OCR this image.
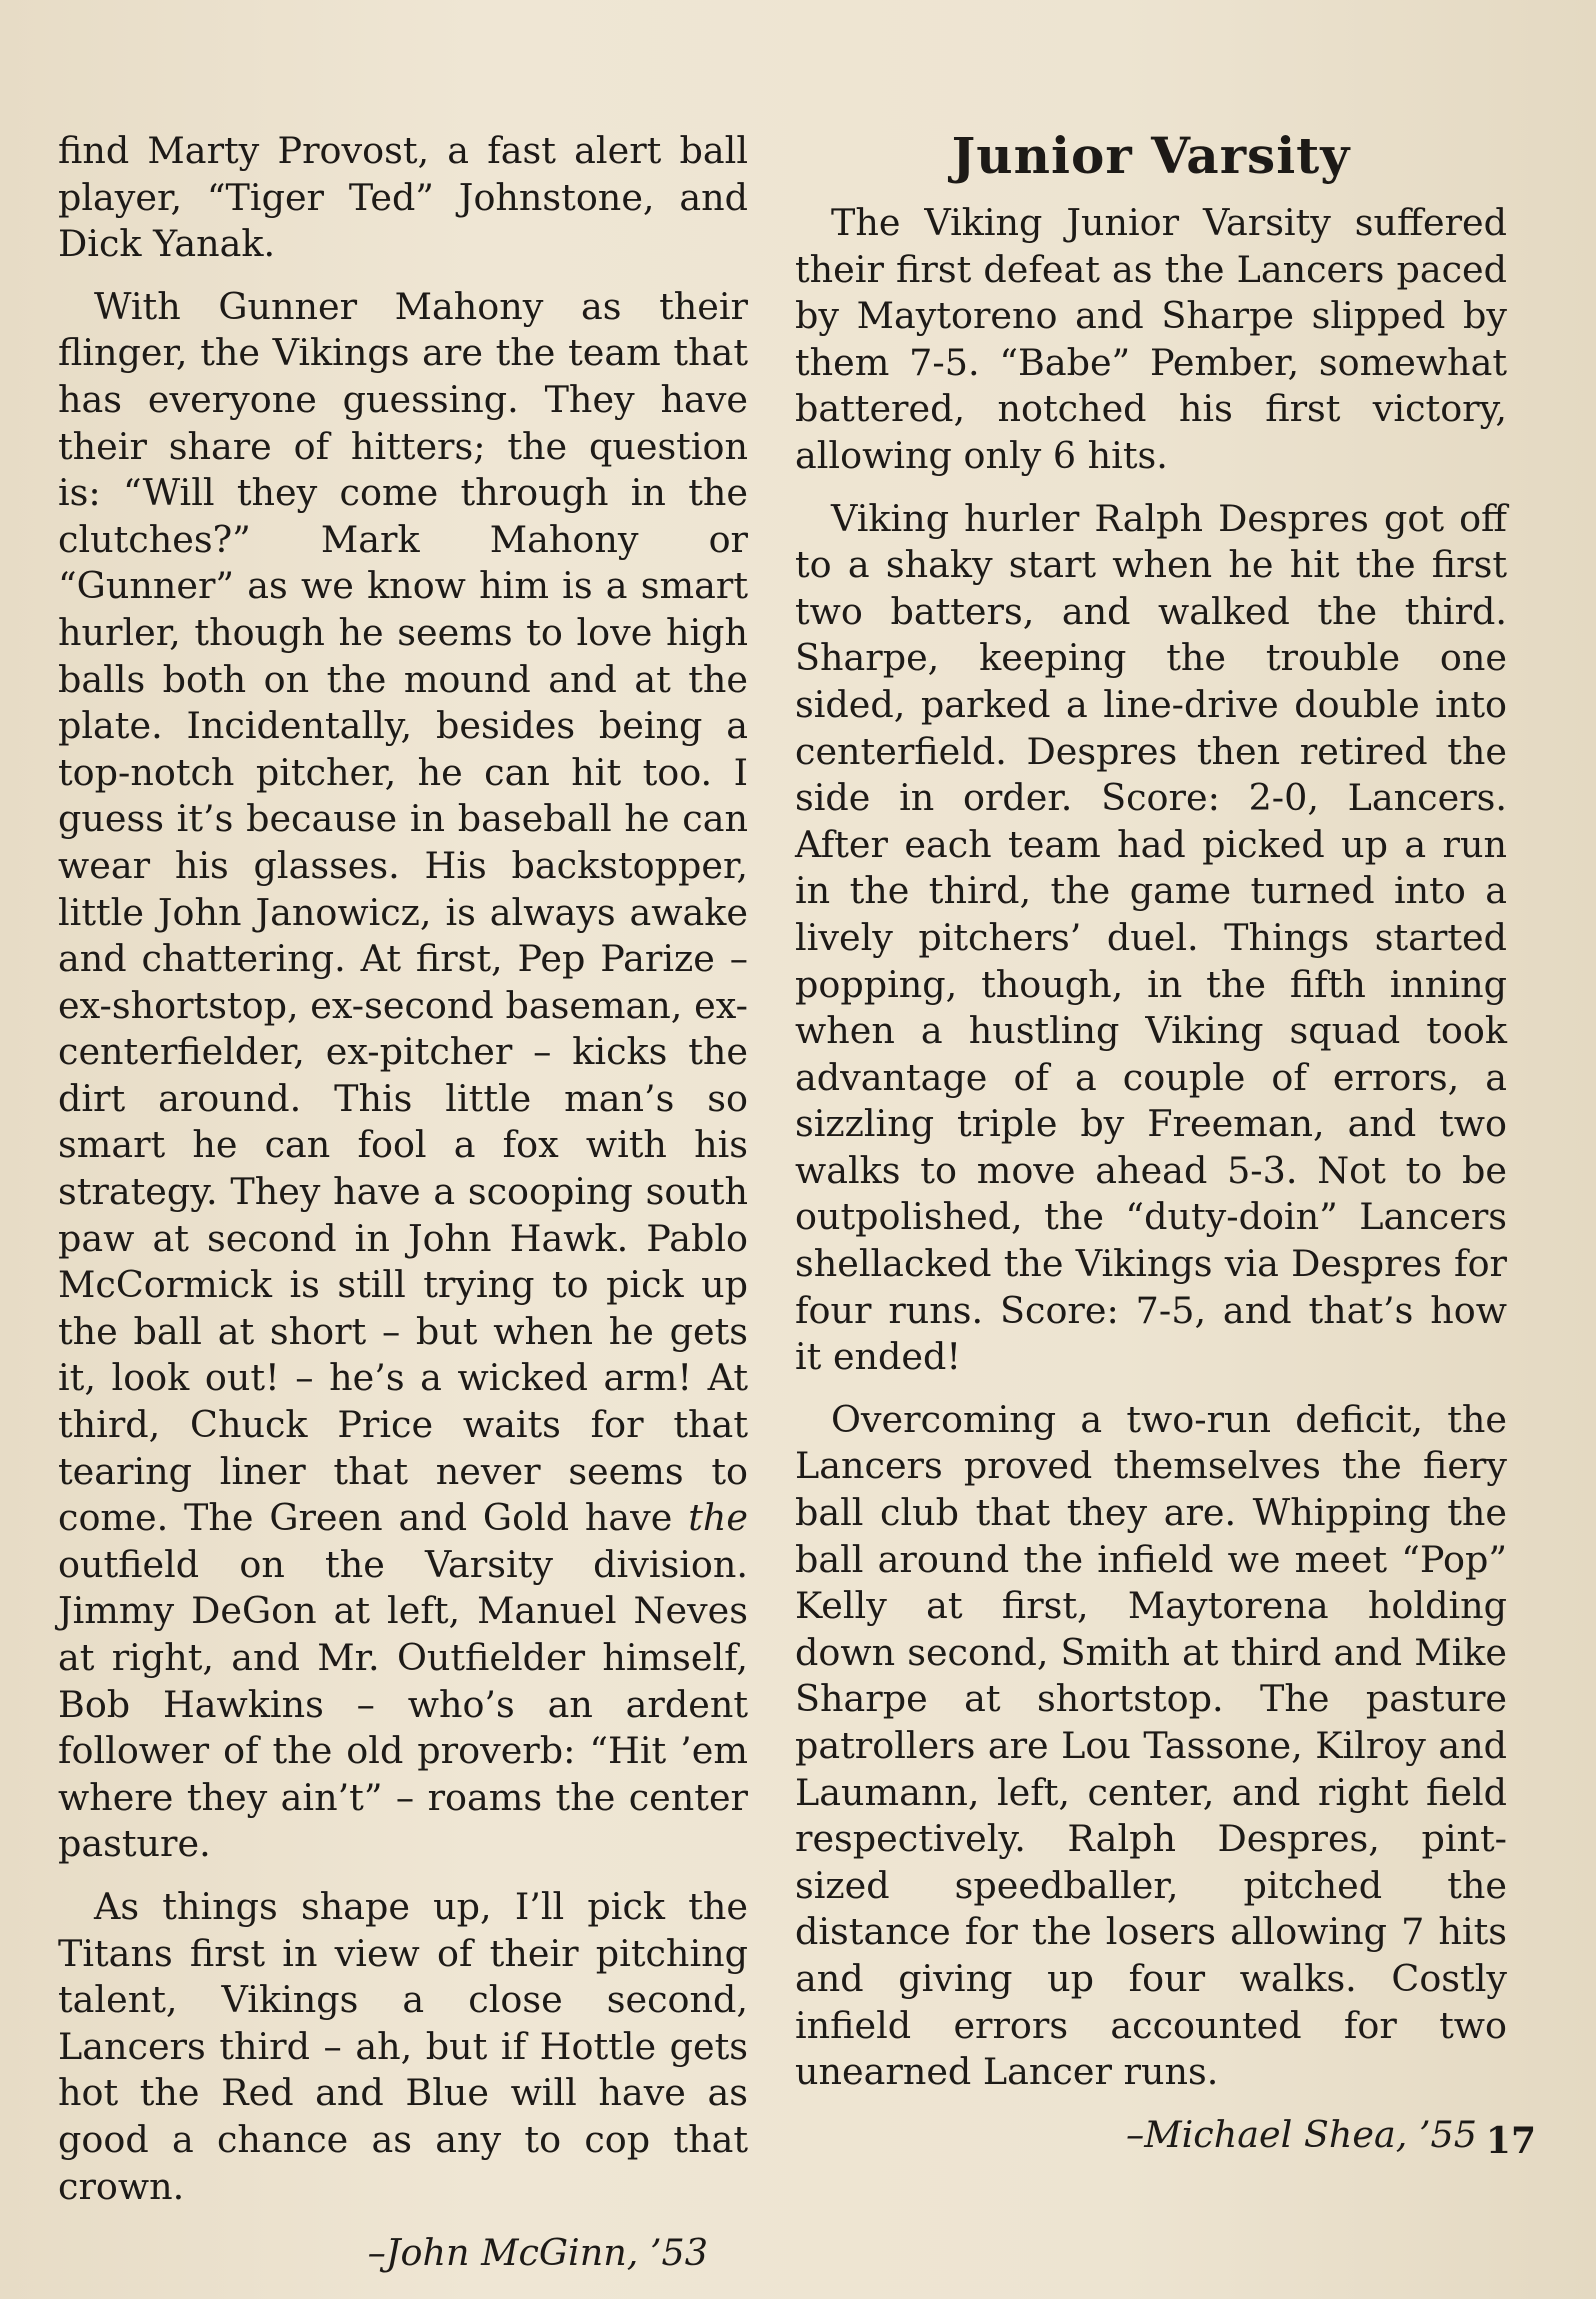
find Marty Provost, a fast alert ball player, “Tiger Ted” Johnstone, and Dick Yanak.

With Gunner Mahony as their flinger, the Vikings are the team that has everyone guessing. They have their share of hitters; the question is: “Will they come through in the clutches?” Mark Mahony or “Gunner” as we know him is a smart hurler, though he seems to love high balls both on the mound and at the plate. Incidentally, besides being a top-notch pitcher, he can hit too. I guess it’s because in baseball he can wear his glasses. His backstopper, little John Janowicz, is always awake and chattering. At first, Pep Parize – ex-shortstop, ex-second baseman, ex-centerfielder, ex-pitcher – kicks the dirt around. This little man’s so smart he can fool a fox with his strategy. They have a scooping south paw at second in John Hawk. Pablo McCormick is still trying to pick up the ball at short – but when he gets it, look out! – he’s a wicked arm! At third, Chuck Price waits for that tearing liner that never seems to come. The Green and Gold have the outfield on the Varsity division. Jimmy DeGon at left, Manuel Neves at right, and Mr. Outfielder himself, Bob Hawkins – who’s an ardent follower of the old proverb: “Hit ’em where they ain’t” – roams the center pasture.

As things shape up, I’ll pick the Titans first in view of their pitching talent, Vikings a close second, Lancers third – ah, but if Hottle gets hot the Red and Blue will have as good a chance as any to cop that crown.

–John McGinn, ’53
Junior Varsity

The Viking Junior Varsity suffered their first defeat as the Lancers paced by Maytoreno and Sharpe slipped by them 7-5. “Babe” Pember, somewhat battered, notched his first victory, allowing only 6 hits.

Viking hurler Ralph Despres got off to a shaky start when he hit the first two batters, and walked the third. Sharpe, keeping the trouble one sided, parked a line-drive double into centerfield. Despres then retired the side in order. Score: 2-0, Lancers. After each team had picked up a run in the third, the game turned into a lively pitchers’ duel. Things started popping, though, in the fifth inning when a hustling Viking squad took advantage of a couple of errors, a sizzling triple by Freeman, and two walks to move ahead 5-3. Not to be outpolished, the “duty-doin” Lancers shellacked the Vikings via Despres for four runs. Score: 7-5, and that’s how it ended!

Overcoming a two-run deficit, the Lancers proved themselves the fiery ball club that they are. Whipping the ball around the infield we meet “Pop” Kelly at first, Maytorena holding down second, Smith at third and Mike Sharpe at shortstop. The pasture patrollers are Lou Tassone, Kilroy and Laumann, left, center, and right field respectively. Ralph Despres, pint-sized speedballer, pitched the distance for the losers allowing 7 hits and giving up four walks. Costly infield errors accounted for two unearned Lancer runs.

–Michael Shea, ’55 17
